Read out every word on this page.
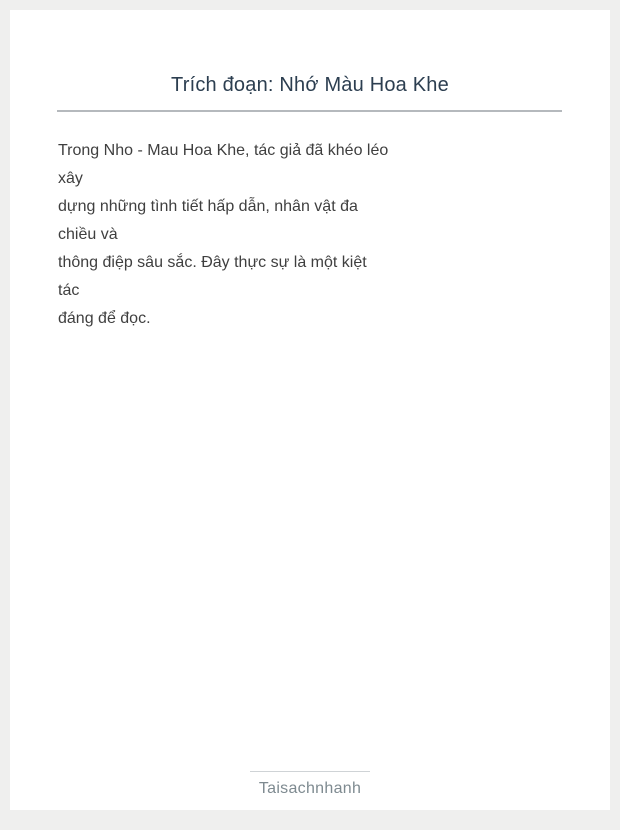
Trích đoạn: Nhớ Màu Hoa Khe
Trong Nho - Mau Hoa Khe, tác giả đã khéo léo
xây
dựng những tình tiết hấp dẫn, nhân vật đa
chiều và
thông điệp sâu sắc. Đây thực sự là một kiệt
tác
đáng để đọc.
Taisachnhanh
